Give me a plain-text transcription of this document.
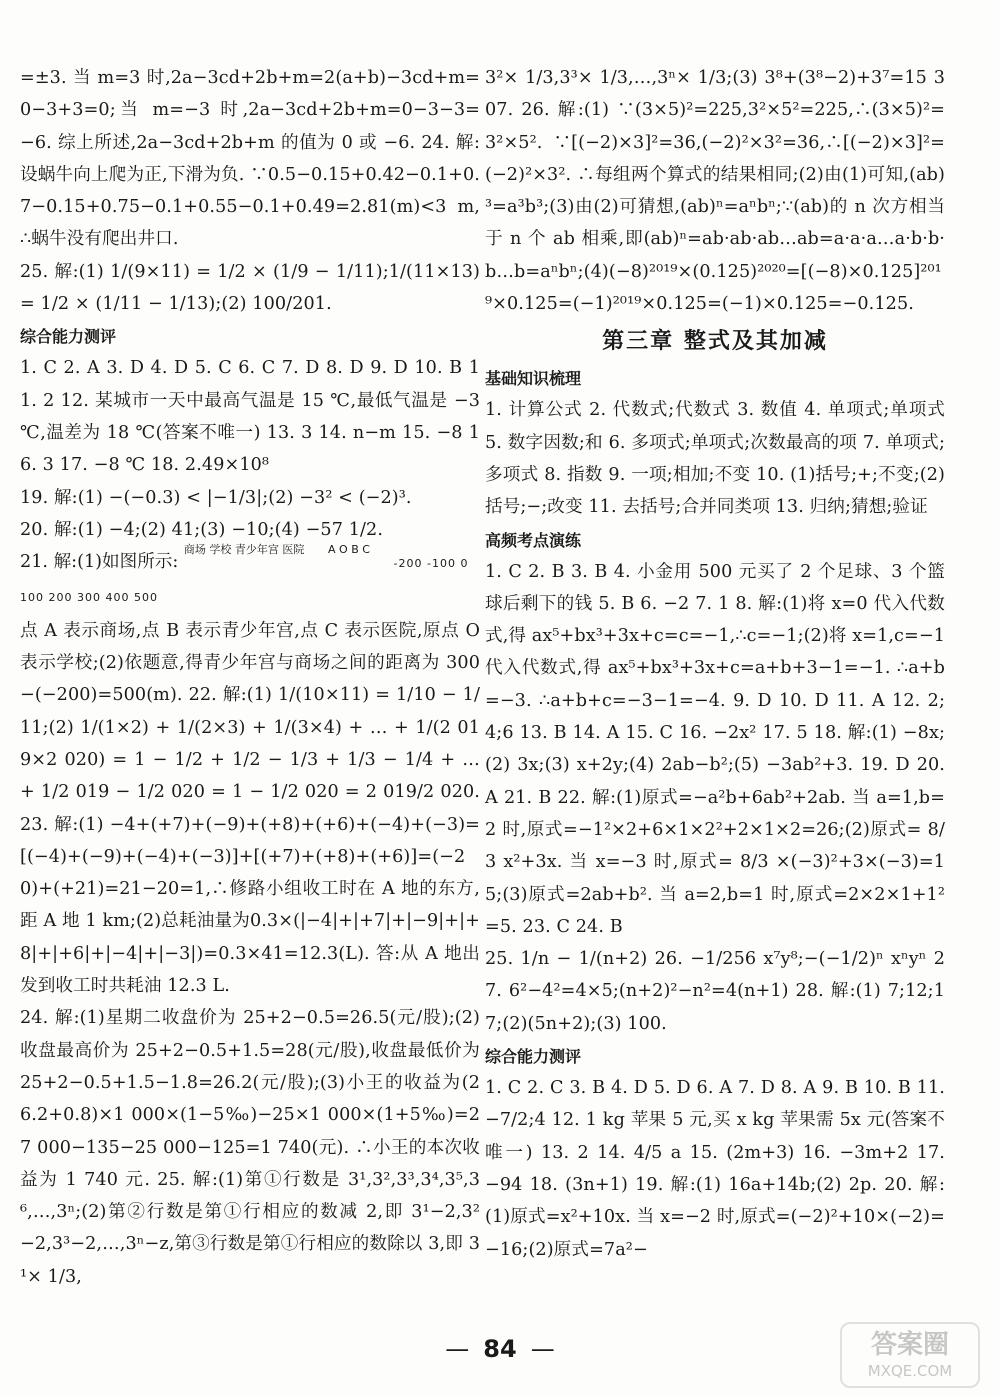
=±3. 当 m=3 时,2a−3cd+2b+m=2(a+b)−3cd+m=0−3+3=0;当 m=−3 时,2a−3cd+2b+m=0−3−3=−6. 综上所述,2a−3cd+2b+m 的值为 0 或 −6. 24. 解:设蜗牛向上爬为正,下滑为负. ∵0.5−0.15+0.42−0.1+0.7−0.15+0.75−0.1+0.55−0.1+0.49=2.81(m)<3 m,∴蜗牛没有爬出井口.

25. 解:(1) 1/(9×11) = 1/2 × (1/9 − 1/11);1/(11×13) = 1/2 × (1/11 − 1/13);(2) 100/201.

综合能力测评

1. C 2. A 3. D 4. D 5. C 6. C 7. D 8. D 9. D 10. B 11. 2 12. 某城市一天中最高气温是 15 ℃,最低气温是 −3 ℃,温差为 18 ℃(答案不唯一) 13. 3 14. n−m 15. −8 16. 3 17. −8 ℃ 18. 2.49×10⁸

19. 解:(1) −(−0.3) < |−1/3|;(2) −3² < (−2)³.

20. 解:(1) −4;(2) 41;(3) −10;(4) −57 1/2.

21. 解:(1)如图所示: $^{商场 学校 青少年宫 医院}$ $^{A O B C}$ -200 -100 0 100 200 300 400 500

点 A 表示商场,点 B 表示青少年宫,点 C 表示医院,原点 O 表示学校;(2)依题意,得青少年宫与商场之间的距离为 300−(−200)=500(m). 22. 解:(1) 1/(10×11) = 1/10 − 1/11;(2) 1/(1×2) + 1/(2×3) + 1/(3×4) + … + 1/(2 019×2 020) = 1 − 1/2 + 1/2 − 1/3 + 1/3 − 1/4 + … + 1/2 019 − 1/2 020 = 1 − 1/2 020 = 2 019/2 020. 23. 解:(1) −4+(+7)+(−9)+(+8)+(+6)+(−4)+(−3)=[(−4)+(−9)+(−4)+(−3)]+[(+7)+(+8)+(+6)]=(−20)+(+21)=21−20=1,∴修路小组收工时在 A 地的东方,距 A 地 1 km;(2)总耗油量为0.3×(|−4|+|+7|+|−9|+|+8|+|+6|+|−4|+|−3|)=0.3×41=12.3(L). 答:从 A 地出发到收工时共耗油 12.3 L.

24. 解:(1)星期二收盘价为 25+2−0.5=26.5(元/股);(2)收盘最高价为 25+2−0.5+1.5=28(元/股),收盘最低价为 25+2−0.5+1.5−1.8=26.2(元/股);(3)小王的收益为(26.2+0.8)×1 000×(1−5‰)−25×1 000×(1+5‰)=27 000−135−25 000−125=1 740(元). ∴小王的本次收益为 1 740 元. 25. 解:(1)第①行数是 3¹,3²,3³,3⁴,3⁵,3⁶,…,3ⁿ;(2)第②行数是第①行相应的数减 2,即 3¹−2,3²−2,3³−2,…,3ⁿ−z,第③行数是第①行相应的数除以 3,即 3¹× 1/3,

3²× 1/3,3³× 1/3,…,3ⁿ× 1/3;(3) 3⁸+(3⁸−2)+3⁷=15 307. 26. 解:(1) ∵(3×5)²=225,3²×5²=225,∴(3×5)²=3²×5². ∵[(−2)×3]²=36,(−2)²×3²=36,∴[(−2)×3]²=(−2)²×3². ∴每组两个算式的结果相同;(2)由(1)可知,(ab)³=a³b³;(3)由(2)可猜想,(ab)ⁿ=aⁿbⁿ;∵(ab)的 n 次方相当于 n 个 ab 相乘,即(ab)ⁿ=ab·ab·ab…ab=a·a·a…a·b·b·b…b=aⁿbⁿ;(4)(−8)²⁰¹⁹×(0.125)²⁰²⁰=[(−8)×0.125]²⁰¹⁹×0.125=(−1)²⁰¹⁹×0.125=(−1)×0.125=−0.125.

第三章 整式及其加减

基础知识梳理

1. 计算公式 2. 代数式;代数式 3. 数值 4. 单项式;单项式 5. 数字因数;和 6. 多项式;单项式;次数最高的项 7. 单项式;多项式 8. 指数 9. 一项;相加;不变 10. (1)括号;+;不变;(2)括号;−;改变 11. 去括号;合并同类项 13. 归纳;猜想;验证

高频考点演练

1. C 2. B 3. B 4. 小金用 500 元买了 2 个足球、3 个篮球后剩下的钱 5. B 6. −2 7. 1 8. 解:(1)将 x=0 代入代数式,得 ax⁵+bx³+3x+c=c=−1,∴c=−1;(2)将 x=1,c=−1 代入代数式,得 ax⁵+bx³+3x+c=a+b+3−1=−1. ∴a+b=−3. ∴a+b+c=−3−1=−4. 9. D 10. D 11. A 12. 2;4;6 13. B 14. A 15. C 16. −2x² 17. 5 18. 解:(1) −8x;(2) 3x;(3) x+2y;(4) 2ab−b²;(5) −3ab²+3. 19. D 20. A 21. B 22. 解:(1)原式=−a²b+6ab²+2ab. 当 a=1,b=2 时,原式=−1²×2+6×1×2²+2×1×2=26;(2)原式= 8/3 x²+3x. 当 x=−3 时,原式= 8/3 ×(−3)²+3×(−3)=15;(3)原式=2ab+b². 当 a=2,b=1 时,原式=2×2×1+1²=5. 23. C 24. B

25. 1/n − 1/(n+2) 26. −1/256 x⁷y⁸;−(−1/2)ⁿ xⁿyⁿ 27. 6²−4²=4×5;(n+2)²−n²=4(n+1) 28. 解:(1) 7;12;17;(2)(5n+2);(3) 100.

综合能力测评

1. C 2. C 3. B 4. D 5. D 6. A 7. D 8. A 9. B 10. B 11. −7/2;4 12. 1 kg 苹果 5 元,买 x kg 苹果需 5x 元(答案不唯一) 13. 2 14. 4/5 a 15. (2m+3) 16. −3m+2 17. −94 18. (3n+1) 19. 解:(1) 16a+14b;(2) 2p. 20. 解:(1)原式=x²+10x. 当 x=−2 时,原式=(−2)²+10×(−2)=−16;(2)原式=7a²−

— 84 —	答案圈
MXQE.COM
